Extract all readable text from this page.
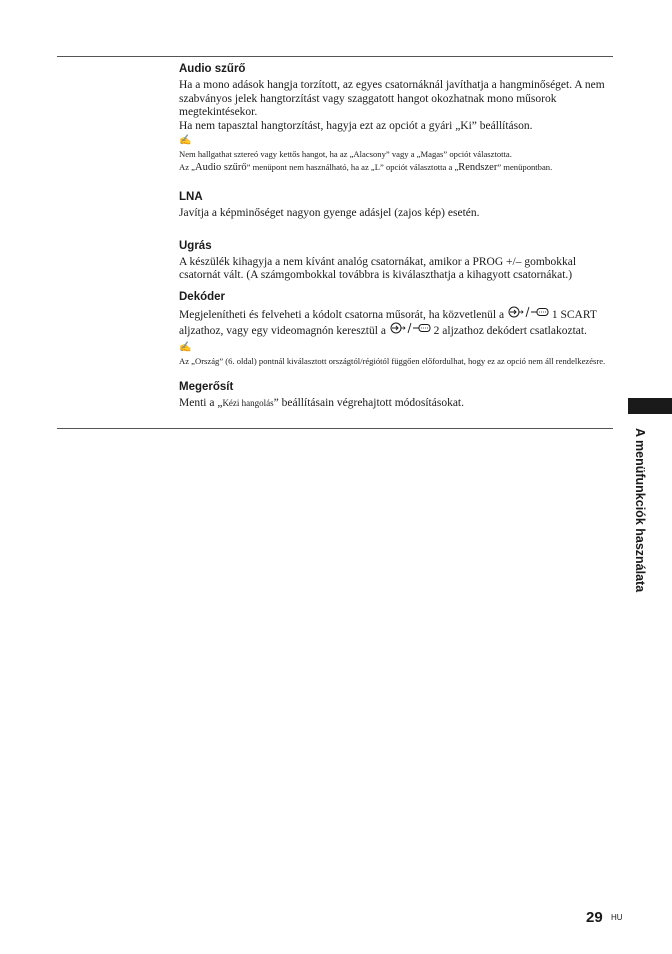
Audio szűrő

Ha a mono adások hangja torzított, az egyes csatornáknál javíthatja a hangminőséget. A nem szabványos jelek hangtorzítást vagy szaggatott hangot okozhatnak mono műsorok megtekintésekor.

Ha nem tapasztal hangtorzítást, hagyja ezt az opciót a gyári „Ki” beállításon.

✍

Nem hallgathat sztereó vagy kettős hangot, ha az „Alacsony” vagy a „Magas” opciót választotta.

Az „Audio szűrő” menüpont nem használható, ha az „L” opciót választotta a „Rendszer” menüpontban.

LNA

Javítja a képminőséget nagyon gyenge adásjel (zajos kép) esetén.

Ugrás

A készülék kihagyja a nem kívánt analóg csatornákat, amikor a PROG +/– gombokkal csatornát vált. (A számgombokkal továbbra is kiválaszthatja a kihagyott csatornákat.)

Dekóder

Megjelenítheti és felveheti a kódolt csatorna műsorát, ha közvetlenül a	1 SCART aljzathoz, vagy egy videomagnón keresztül a	2 aljzathoz dekódert csatlakoztat.

✍

Az „Ország” (6. oldal) pontnál kiválasztott országtól/régiótól függően előfordulhat, hogy ez az opció nem áll rendelkezésre.

Megerősít

Menti a „Kézi hangolás” beállításain végrehajtott módosításokat.

A menüfunkciók használata
29 HU
